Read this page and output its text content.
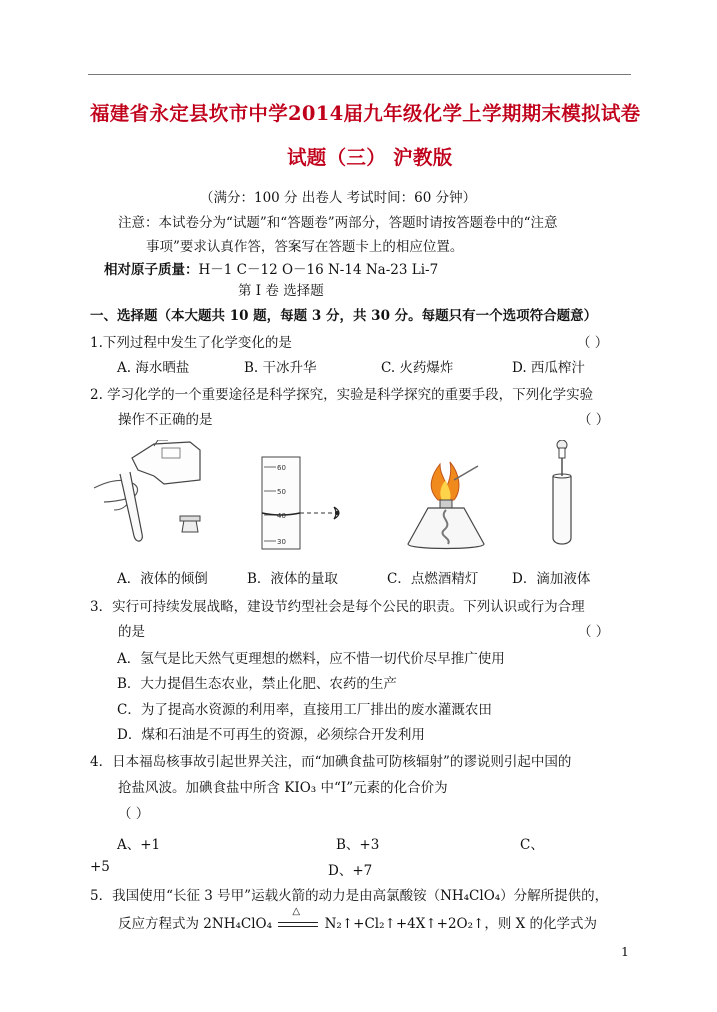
福建省永定县坎市中学2014届九年级化学上学期期末模拟试卷
试题（三） 沪教版
（满分：100 分 出卷人 考试时间：60 分钟）
注意：本试卷分为“试题”和“答题卷”两部分，答题时请按答题卷中的“注意
事项”要求认真作答，答案写在答题卡上的相应位置。
相对原子质量：H－1 C－12 O－16 N-14 Na-23 Li-7
第 I 卷 选择题
一、选择题（本大题共 10 题，每题 3 分，共 30 分。每题只有一个选项符合题意）
1.下列过程中发生了化学变化的是	（ ）
A. 海水晒盐	B. 干冰升华	C. 火药爆炸	D. 西瓜榨汁
2. 学习化学的一个重要途径是科学探究，实验是科学探究的重要手段，下列化学实验
操作不正确的是	（ ）
60
50
40
30
A．液体的倾倒	B．液体的量取	C．点燃酒精灯 D．滴加液体
3．实行可持续发展战略，建设节约型社会是每个公民的职责。下列认识或行为合理
的是	（ ）
A．氢气是比天然气更理想的燃料，应不惜一切代价尽早推广使用
B．大力提倡生态农业，禁止化肥、农药的生产
C．为了提高水资源的利用率，直接用工厂排出的废水灌溉农田
D．煤和石油是不可再生的资源，必须综合开发利用
4．日本福岛核事故引起世界关注，而“加碘食盐可防核辐射”的谬说则引起中国的
抢盐风波。加碘食盐中所含 KIO₃ 中“I”元素的化合价为
（ ）
A、+1	B、+3	C、
+5	D、+7
5．我国使用“长征 3 号甲”运载火箭的动力是由高氯酸铵（NH₄ClO₄）分解所提供的，
反应方程式为 2NH₄ClO₄
△
N₂↑+Cl₂↑+4X↑+2O₂↑，则 X 的化学式为
1
